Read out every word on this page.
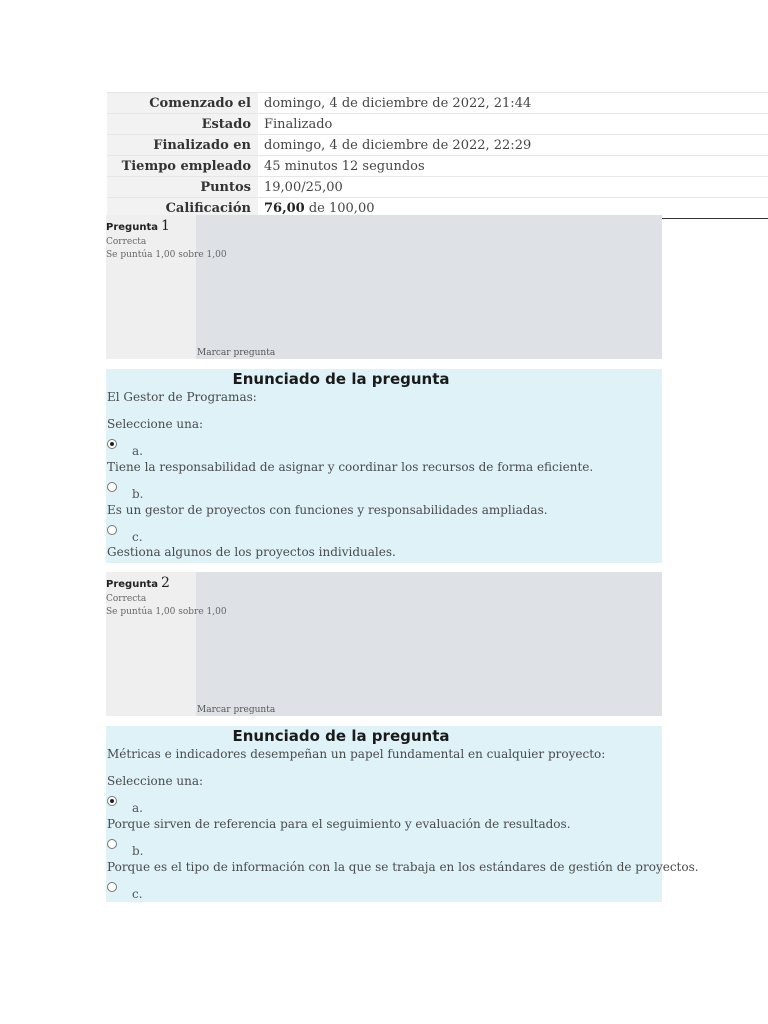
Comenzado el	domingo, 4 de diciembre de 2022, 21:44
Estado	Finalizado
Finalizado en	domingo, 4 de diciembre de 2022, 22:29
Tiempo empleado	45 minutos 12 segundos
Puntos	19,00/25,00
Calificación	76,00 de 100,00
Pregunta 1
Correcta
Se puntúa 1,00 sobre 1,00
Marcar pregunta
Enunciado de la pregunta
El Gestor de Programas:
Seleccione una:
a.
Tiene la responsabilidad de asignar y coordinar los recursos de forma eficiente.
b.
Es un gestor de proyectos con funciones y responsabilidades ampliadas.
c.
Gestiona algunos de los proyectos individuales.
Pregunta 2
Correcta
Se puntúa 1,00 sobre 1,00
Marcar pregunta
Enunciado de la pregunta
Métricas e indicadores desempeñan un papel fundamental en cualquier proyecto:
Seleccione una:
a.
Porque sirven de referencia para el seguimiento y evaluación de resultados.
b.
Porque es el tipo de información con la que se trabaja en los estándares de gestión de proyectos.
c.
